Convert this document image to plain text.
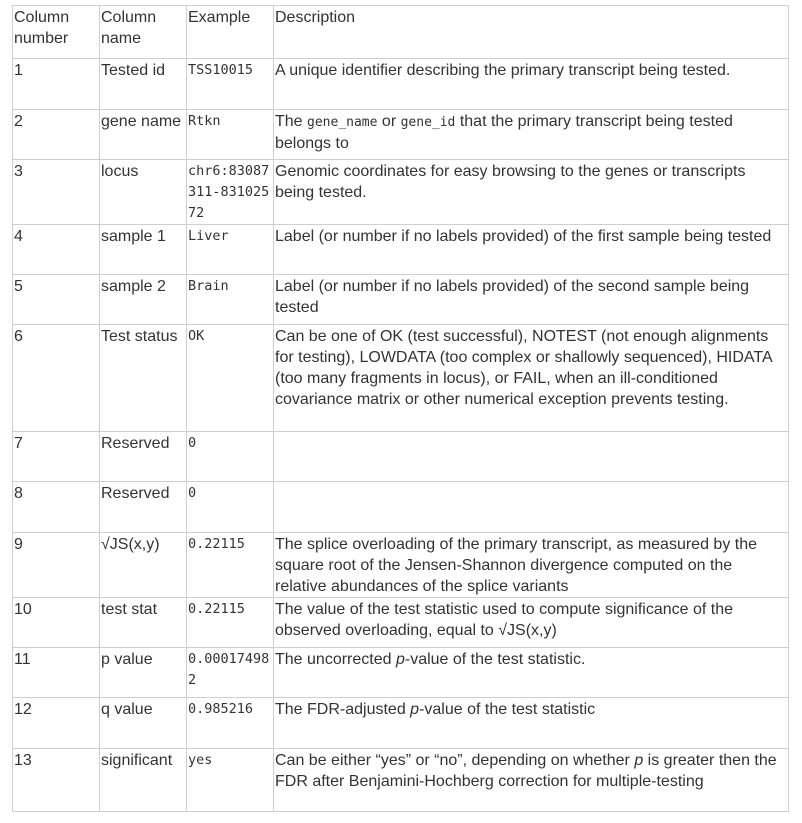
Column number	Column name	Example	Description
1	Tested id	TSS10015	A unique identifier describing the primary transcript being tested.
2	gene name	Rtkn	The gene_name or gene_id that the primary transcript being tested belongs to
3	locus	chr6:83087311-83102572	Genomic coordinates for easy browsing to the genes or transcripts being tested.
4	sample 1	Liver	Label (or number if no labels provided) of the first sample being tested
5	sample 2	Brain	Label (or number if no labels provided) of the second sample being tested
6	Test status	OK	Can be one of OK (test successful), NOTEST (not enough alignments for testing), LOWDATA (too complex or shallowly sequenced), HIDATA (too many fragments in locus), or FAIL, when an ill-conditioned covariance matrix or other numerical exception prevents testing.
7	Reserved	0	
8	Reserved	0	
9	√JS(x,y)	0.22115	The splice overloading of the primary transcript, as measured by the square root of the Jensen-Shannon divergence computed on the relative abundances of the splice variants
10	test stat	0.22115	The value of the test statistic used to compute significance of the observed overloading, equal to √JS(x,y)
11	p value	0.000174982	The uncorrected p-value of the test statistic.
12	q value	0.985216	The FDR-adjusted p-value of the test statistic
13	significant	yes	Can be either “yes” or “no”, depending on whether p is greater then the FDR after Benjamini-Hochberg correction for multiple-testing
